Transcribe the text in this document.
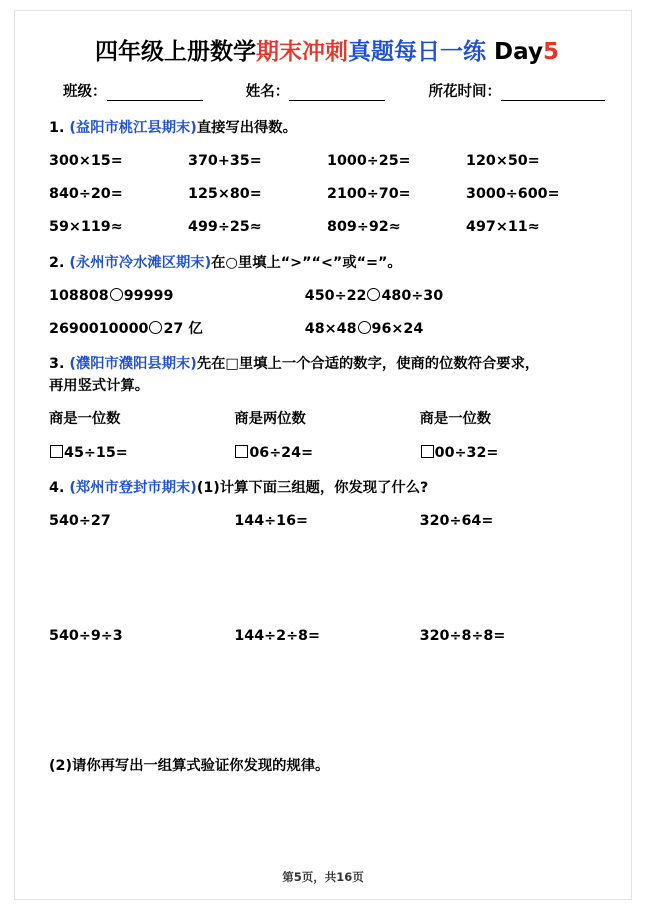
四年级上册数学期末冲刺真题每日一练 Day5
班级：	姓名：	所花时间：
1. (益阳市桃江县期末)直接写出得数。
300×15=	370+35=	1000÷25=	120×50=
840÷20=	125×80=	2100÷70=	3000÷600=
59×119≈	499÷25≈	809÷92≈	497×11≈
2. (永州市冷水滩区期末)在○里填上“>”“<”或“=”。
108808 99999	450÷22 480÷30
2690010000 27 亿	48×48 96×24
3. (濮阳市濮阳县期末)先在□里填上一个合适的数字，使商的位数符合要求，
再用竖式计算。
商是一位数	商是两位数	商是一位数
45÷15=	06÷24=	00÷32=
4. (郑州市登封市期末)(1)计算下面三组题，你发现了什么?
540÷27	144÷16=	320÷64=
540÷9÷3	144÷2÷8=	320÷8÷8=
(2)请你再写出一组算式验证你发现的规律。
第5页，共16页
